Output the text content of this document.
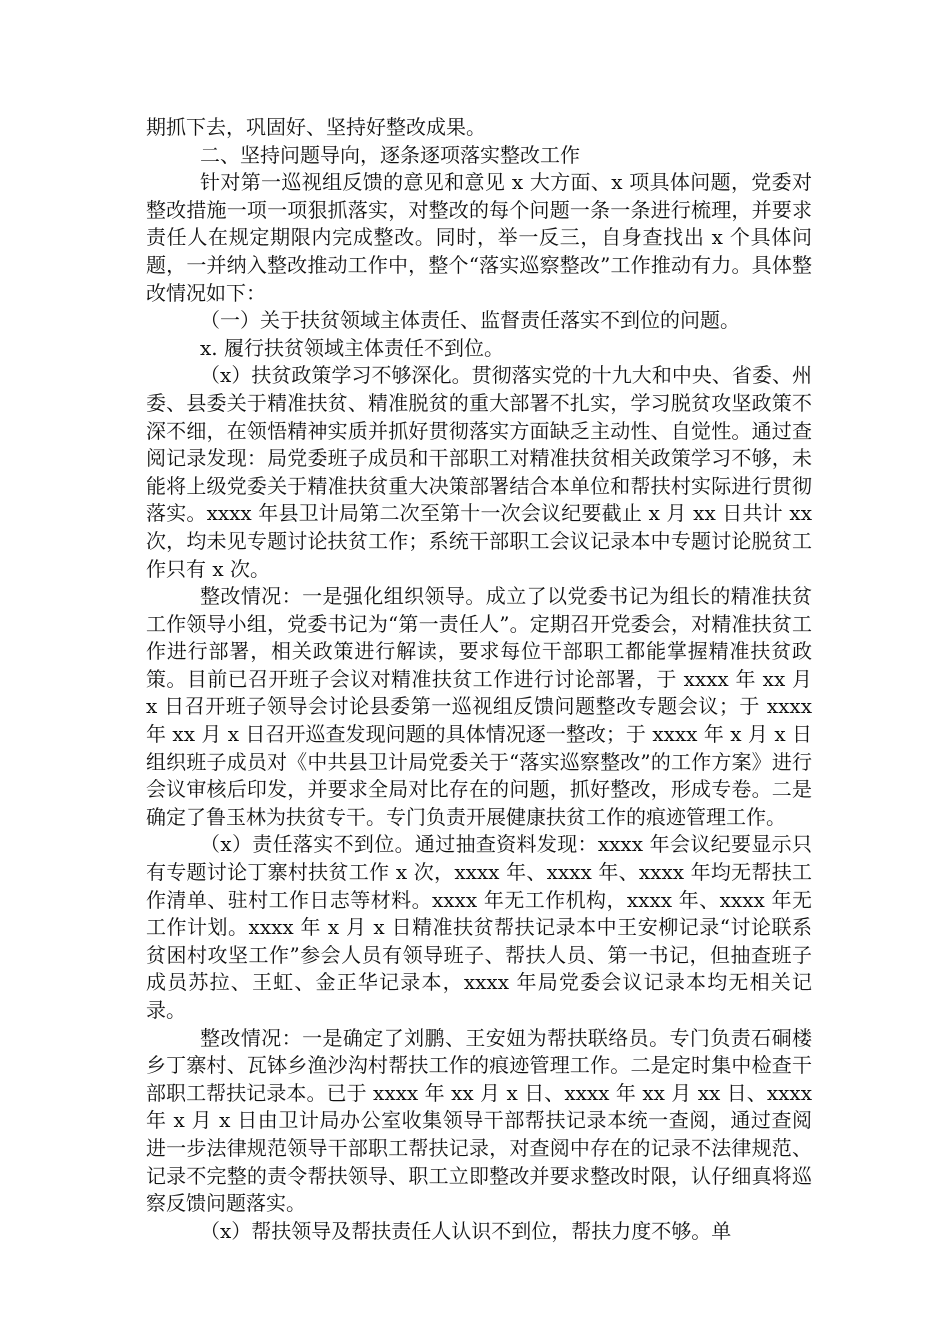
期抓下去，巩固好、坚持好整改成果。

二、坚持问题导向，逐条逐项落实整改工作

针对第一巡视组反馈的意见和意见 x 大方面、x 项具体问题，党委对整改措施一项一项狠抓落实，对整改的每个问题一条一条进行梳理，并要求责任人在规定期限内完成整改。同时，举一反三，自身查找出 x 个具体问题，一并纳入整改推动工作中，整个“落实巡察整改”工作推动有力。具体整改情况如下：

（一）关于扶贫领域主体责任、监督责任落实不到位的问题。

x. 履行扶贫领域主体责任不到位。

（x）扶贫政策学习不够深化。贯彻落实党的十九大和中央、省委、州委、县委关于精准扶贫、精准脱贫的重大部署不扎实，学习脱贫攻坚政策不深不细，在领悟精神实质并抓好贯彻落实方面缺乏主动性、自觉性。通过查阅记录发现：局党委班子成员和干部职工对精准扶贫相关政策学习不够，未能将上级党委关于精准扶贫重大决策部署结合本单位和帮扶村实际进行贯彻落实。xxxx 年县卫计局第二次至第十一次会议纪要截止 x 月 xx 日共计 xx 次，均未见专题讨论扶贫工作；系统干部职工会议记录本中专题讨论脱贫工作只有 x 次。

整改情况：一是强化组织领导。成立了以党委书记为组长的精准扶贫工作领导小组，党委书记为“第一责任人”。定期召开党委会，对精准扶贫工作进行部署，相关政策进行解读，要求每位干部职工都能掌握精准扶贫政策。目前已召开班子会议对精准扶贫工作进行讨论部署，于 xxxx 年 xx 月 x 日召开班子领导会讨论县委第一巡视组反馈问题整改专题会议；于 xxxx 年 xx 月 x 日召开巡查发现问题的具体情况逐一整改；于 xxxx 年 x 月 x 日组织班子成员对《中共县卫计局党委关于“落实巡察整改”的工作方案》进行会议审核后印发，并要求全局对比存在的问题，抓好整改，形成专卷。二是确定了鲁玉林为扶贫专干。专门负责开展健康扶贫工作的痕迹管理工作。

（x）责任落实不到位。通过抽查资料发现：xxxx 年会议纪要显示只有专题讨论丁寨村扶贫工作 x 次，xxxx 年、xxxx 年、xxxx 年均无帮扶工作清单、驻村工作日志等材料。xxxx 年无工作机构，xxxx 年、xxxx 年无工作计划。xxxx 年 x 月 x 日精准扶贫帮扶记录本中王安柳记录“讨论联系贫困村攻坚工作”参会人员有领导班子、帮扶人员、第一书记，但抽查班子成员苏拉、王虹、金正华记录本，xxxx 年局党委会议记录本均无相关记录。

整改情况：一是确定了刘鹏、王安妞为帮扶联络员。专门负责石硐楼乡丁寨村、瓦钵乡渔沙沟村帮扶工作的痕迹管理工作。二是定时集中检查干部职工帮扶记录本。已于 xxxx 年 xx 月 x 日、xxxx 年 xx 月 xx 日、xxxx 年 x 月 x 日由卫计局办公室收集领导干部帮扶记录本统一查阅，通过查阅进一步法律规范领导干部职工帮扶记录，对查阅中存在的记录不法律规范、记录不完整的责令帮扶领导、职工立即整改并要求整改时限，认仔细真将巡察反馈问题落实。

（x）帮扶领导及帮扶责任人认识不到位，帮扶力度不够。单
